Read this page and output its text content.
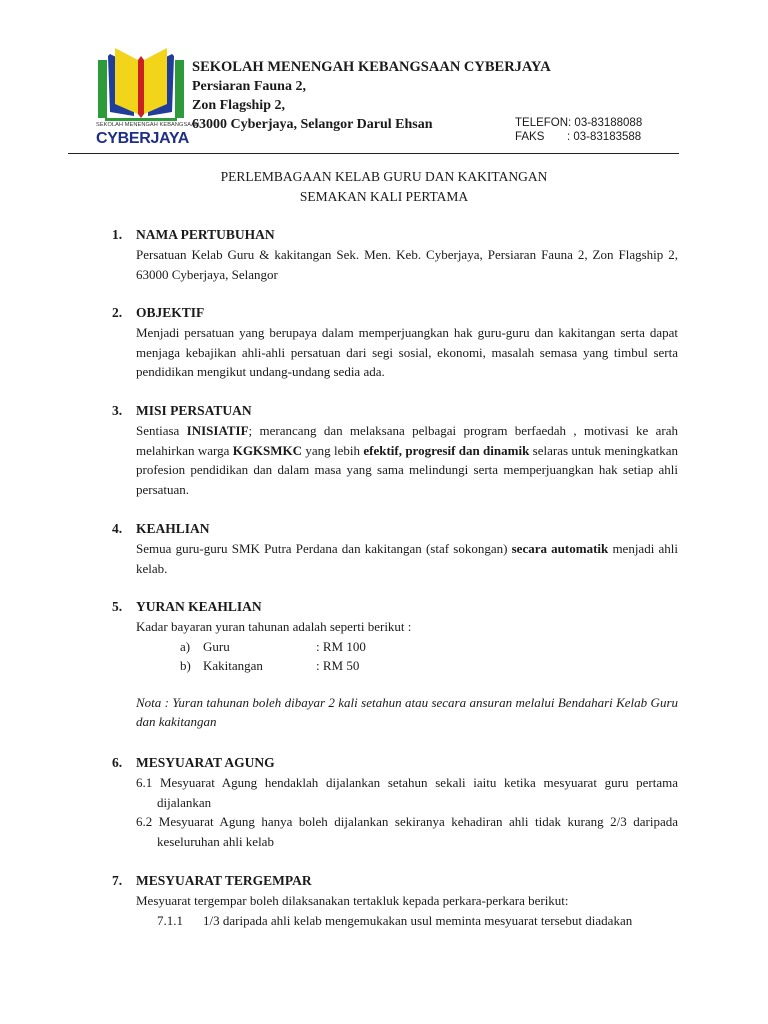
SEKOLAH MENENGAH KEBANGSAAN
CYBERJAYA
SEKOLAH MENENGAH KEBANGSAAN CYBERJAYA
Persiaran Fauna 2,
Zon Flagship 2,
63000 Cyberjaya, Selangor Darul Ehsan	TELEFON: 03-83188088
FAKS : 03-83183588
PERLEMBAGAAN KELAB GURU DAN KAKITANGAN
SEMAKAN KALI PERTAMA
1. NAMA PERTUBUHAN
Persatuan Kelab Guru & kakitangan Sek. Men. Keb. Cyberjaya, Persiaran Fauna 2, Zon Flagship 2, 63000 Cyberjaya, Selangor
2. OBJEKTIF
Menjadi persatuan yang berupaya dalam memperjuangkan hak guru-guru dan kakitangan serta dapat menjaga kebajikan ahli-ahli persatuan dari segi sosial, ekonomi, masalah semasa yang timbul serta pendidikan mengikut undang-undang sedia ada.
3. MISI PERSATUAN
Sentiasa INISIATIF; merancang dan melaksana pelbagai program berfaedah , motivasi ke arah melahirkan warga KGKSMKC yang lebih efektif, progresif dan dinamik selaras untuk meningkatkan profesion pendidikan dan dalam masa yang sama melindungi serta memperjuangkan hak setiap ahli persatuan.
4. KEAHLIAN
Semua guru-guru SMK Putra Perdana dan kakitangan (staf sokongan) secara automatik menjadi ahli kelab.
5. YURAN KEAHLIAN
Kadar bayaran yuran tahunan adalah seperti berikut :
a) Guru	: RM 100
b) Kakitangan	: RM 50
Nota : Yuran tahunan boleh dibayar 2 kali setahun atau secara ansuran melalui Bendahari Kelab Guru dan kakitangan
6. MESYUARAT AGUNG
6.1 Mesyuarat Agung hendaklah dijalankan setahun sekali iaitu ketika mesyuarat guru pertama dijalankan
6.2 Mesyuarat Agung hanya boleh dijalankan sekiranya kehadiran ahli tidak kurang 2/3 daripada keseluruhan ahli kelab
7. MESYUARAT TERGEMPAR
Mesyuarat tergempar boleh dilaksanakan tertakluk kepada perkara-perkara berikut:
7.1.1 1/3 daripada ahli kelab mengemukakan usul meminta mesyuarat tersebut diadakan
